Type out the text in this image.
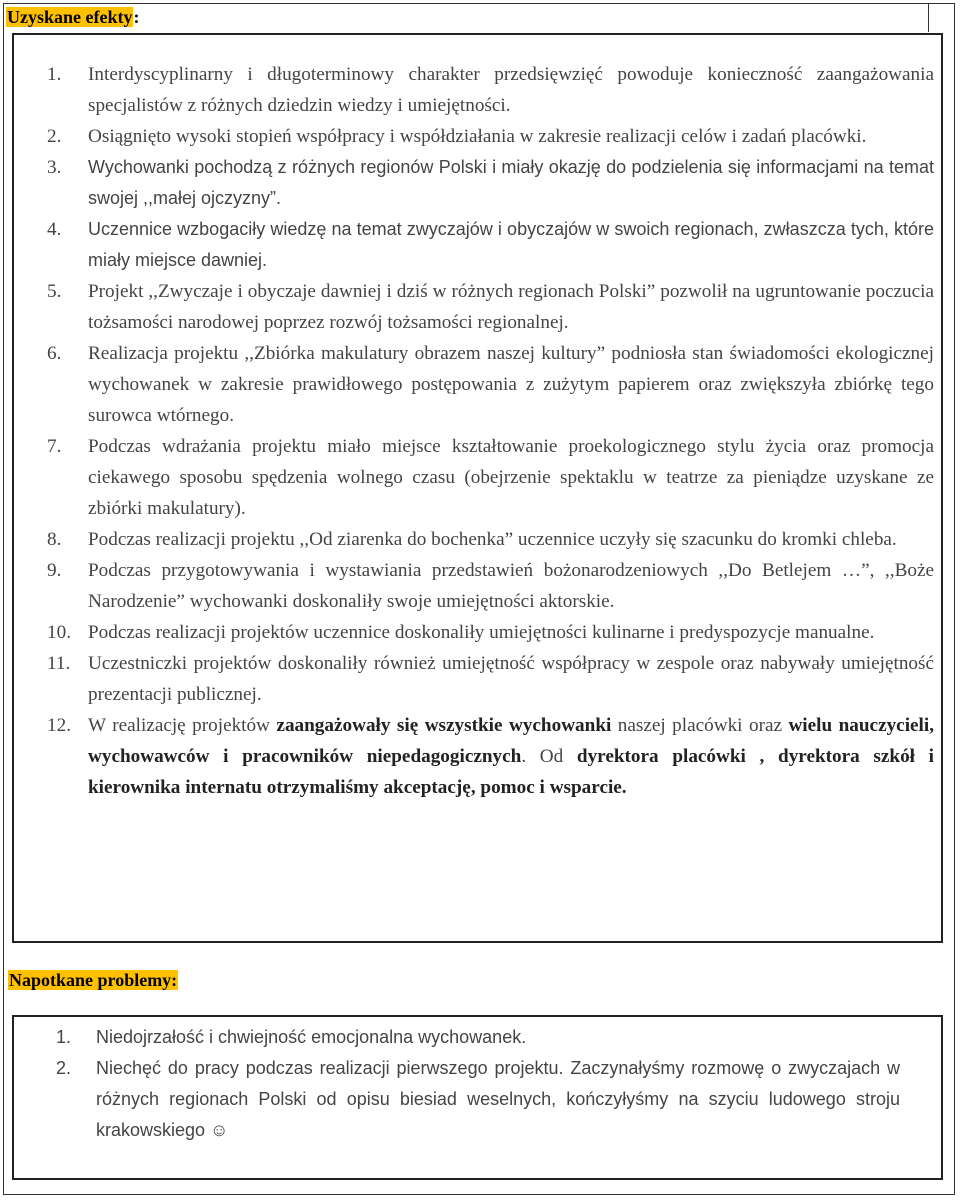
Uzyskane efekty:
1.	Interdyscyplinarny i długoterminowy charakter przedsięwzięć powoduje konieczność zaangażowania specjalistów z różnych dziedzin wiedzy i umiejętności.
2.	Osiągnięto wysoki stopień współpracy i współdziałania w zakresie realizacji celów i zadań placówki.
3.	Wychowanki pochodzą z różnych regionów Polski i miały okazję do podzielenia się informacjami na temat swojej ,,małej ojczyzny”.
4.	Uczennice wzbogaciły wiedzę na temat zwyczajów i obyczajów w swoich regionach, zwłaszcza tych, które miały miejsce dawniej.
5.	Projekt ,,Zwyczaje i obyczaje dawniej i dziś w różnych regionach Polski” pozwolił na ugruntowanie poczucia tożsamości narodowej poprzez rozwój tożsamości regionalnej.
6.	Realizacja projektu ,,Zbiórka makulatury obrazem naszej kultury” podniosła stan świadomości ekologicznej wychowanek w zakresie prawidłowego postępowania z zużytym papierem oraz zwiększyła zbiórkę tego surowca wtórnego.
7.	Podczas wdrażania projektu miało miejsce kształtowanie proekologicznego stylu życia oraz promocja ciekawego sposobu spędzenia wolnego czasu (obejrzenie spektaklu w teatrze za pieniądze uzyskane ze zbiórki makulatury).
8.	Podczas realizacji projektu ,,Od ziarenka do bochenka” uczennice uczyły się szacunku do kromki chleba.
9.	Podczas przygotowywania i wystawiania przedstawień bożonarodzeniowych ,,Do Betlejem …”, ,,Boże Narodzenie” wychowanki doskonaliły swoje umiejętności aktorskie.
10. Podczas realizacji projektów uczennice doskonaliły umiejętności kulinarne i predyspozycje manualne.
11. Uczestniczki projektów doskonaliły również umiejętność współpracy w zespole oraz nabywały umiejętność prezentacji publicznej.
12. W realizację projektów zaangażowały się wszystkie wychowanki naszej placówki oraz wielu nauczycieli, wychowawców i pracowników niepedagogicznych. Od dyrektora placówki , dyrektora szkół i kierownika internatu otrzymaliśmy akceptację, pomoc i wsparcie.
Napotkane problemy:
1.	Niedojrzałość i chwiejność emocjonalna wychowanek.
2.	Niechęć do pracy podczas realizacji pierwszego projektu. Zaczynałyśmy rozmowę o zwyczajach w różnych regionach Polski od opisu biesiad weselnych, kończyłyśmy na szyciu ludowego stroju krakowskiego ☺
